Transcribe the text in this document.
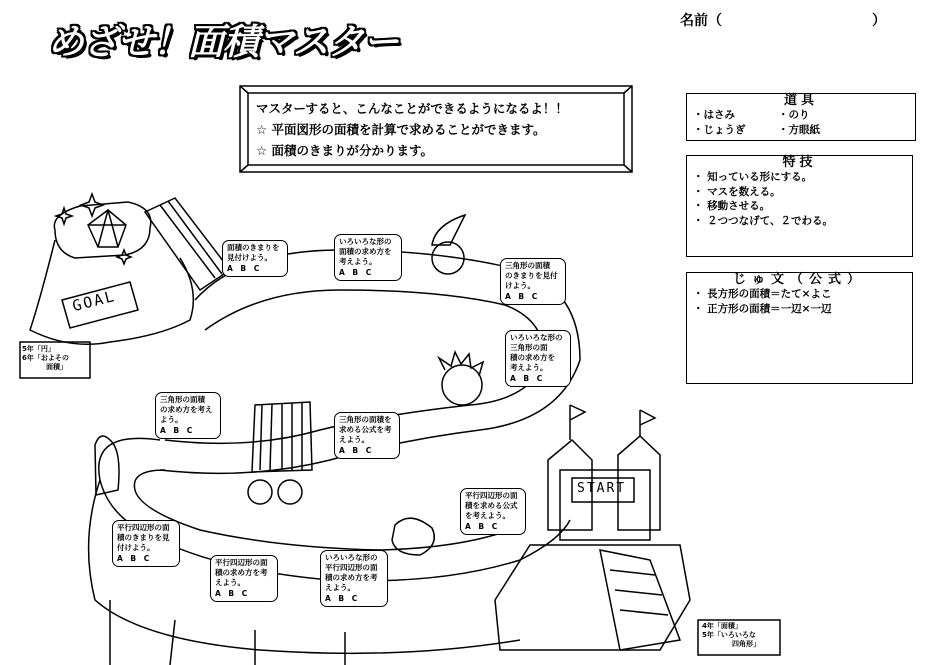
めざせ！面積マスター
名前（	）
マスターすると、こんなことができるようになるよ！！
☆ 平面図形の面積を計算で求めることができます。
☆ 面積のきまりが分かります。
道具
・はさみ	・のり
・じょうぎ	・方眼紙
特技
・ 知っている形にする。
・ マスを数える。
・ 移動させる。
・ ２つつなげて、２でわる。
じゅ文（公式）
・ 長方形の面積＝たて×よこ
・ 正方形の面積＝一辺×一辺
GOAL
START
平行四辺形の面
積を求める公式
を考えよう。
A B C
いろいろな形の
平行四辺形の面
積の求め方を考
えよう。
A B C
平行四辺形の面
積のきまりを見
付けよう。
A B C	平行四辺形の面
積の求め方を考
えよう。
A B C
三角形の面積
の求め方を考え
よう。
A B C
三角形の面積を
求める公式を考
えよう。
A B C
いろいろな形の
三角形の面
積の求め方を
考えよう。
A B C
三角形の面積
のきまりを見付
けよう。
A B C
いろいろな形の
面積の求め方を
考えよう。
A B C
面積のきまりを
見付けよう。
A B C
5年「円」
6年「およその
面積」
4年「面積」
5年「いろいろな
四角形」
